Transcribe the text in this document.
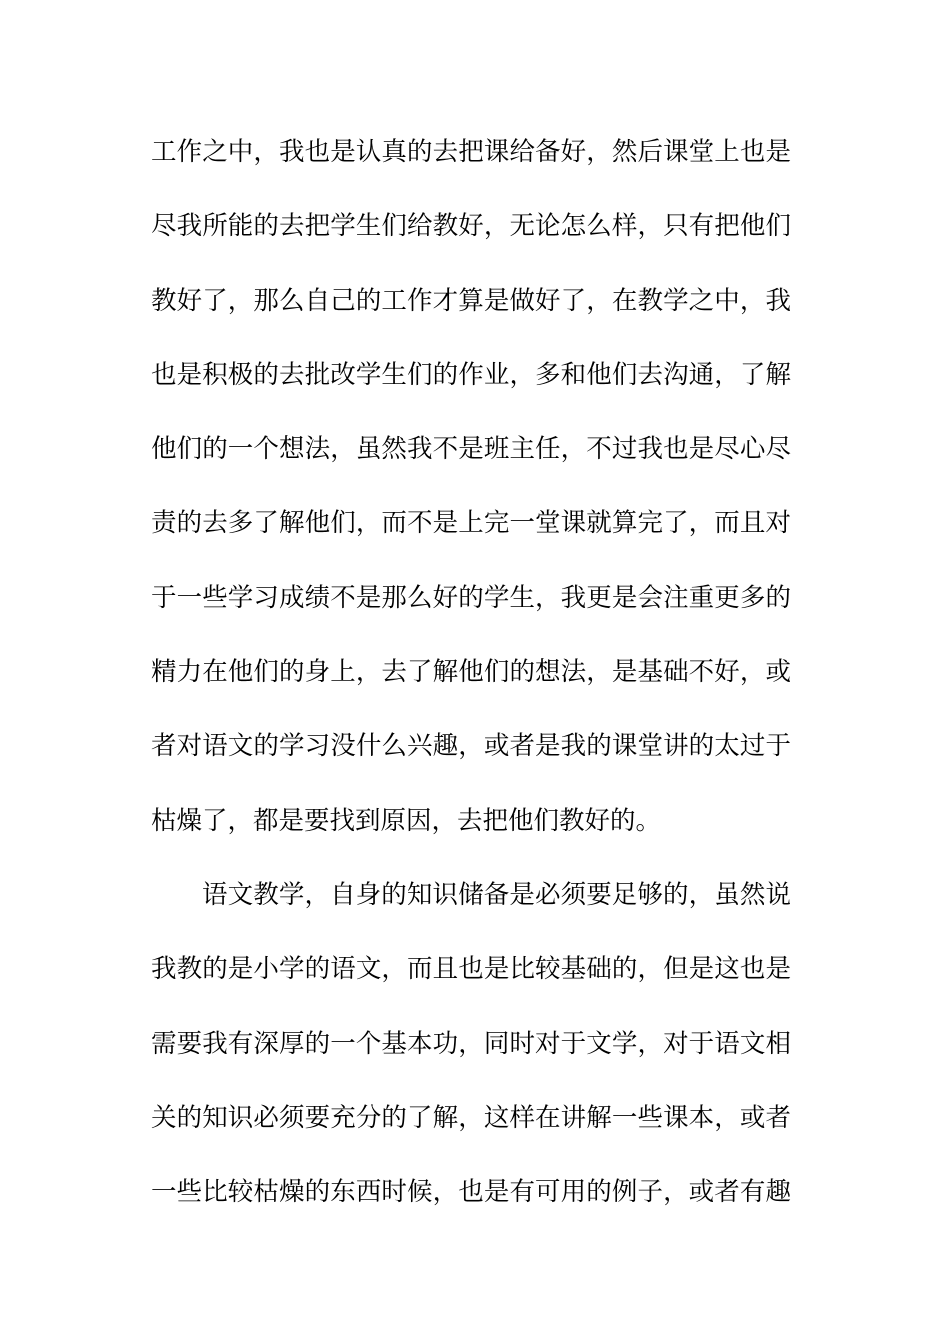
工作之中，我也是认真的去把课给备好，然后课堂上也是
尽我所能的去把学生们给教好，无论怎么样，只有把他们
教好了，那么自己的工作才算是做好了，在教学之中，我
也是积极的去批改学生们的作业，多和他们去沟通，了解
他们的一个想法，虽然我不是班主任，不过我也是尽心尽
责的去多了解他们，而不是上完一堂课就算完了，而且对
于一些学习成绩不是那么好的学生，我更是会注重更多的
精力在他们的身上，去了解他们的想法，是基础不好，或
者对语文的学习没什么兴趣，或者是我的课堂讲的太过于
枯燥了，都是要找到原因，去把他们教好的。
语文教学，自身的知识储备是必须要足够的，虽然说
我教的是小学的语文，而且也是比较基础的，但是这也是
需要我有深厚的一个基本功，同时对于文学，对于语文相
关的知识必须要充分的了解，这样在讲解一些课本，或者
一些比较枯燥的东西时候，也是有可用的例子，或者有趣
